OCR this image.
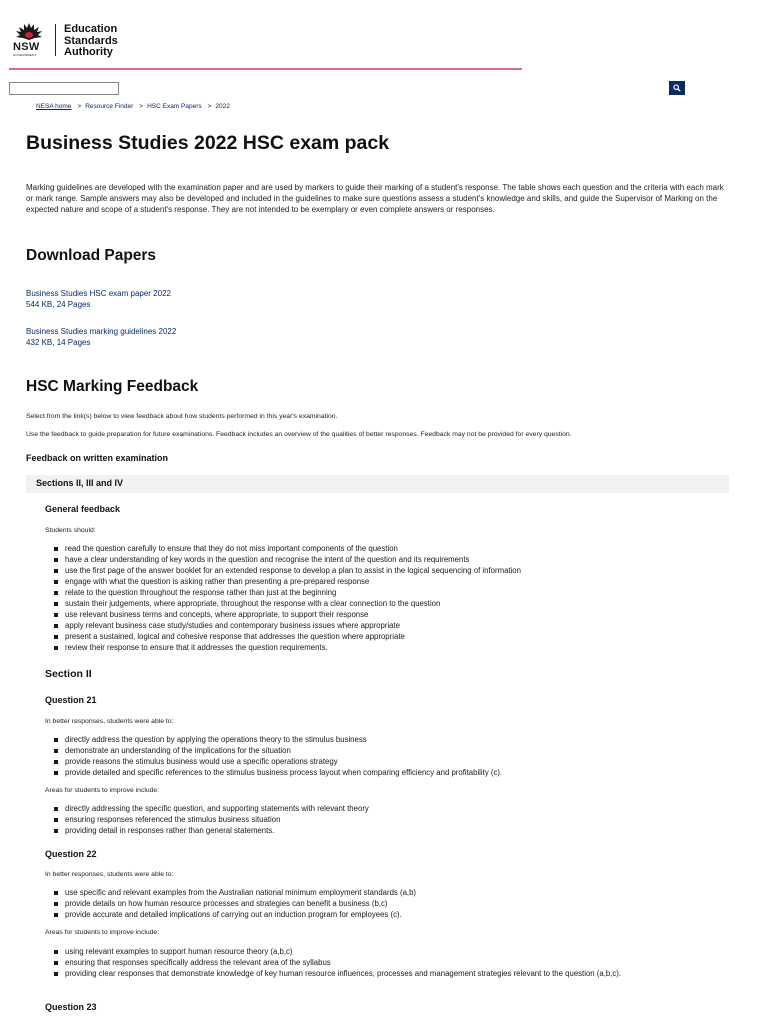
NSW
GOVERNMENT
Education
Standards
Authority
NESA home > Resource Finder > HSC Exam Papers > 2022
Business Studies 2022 HSC exam pack

Marking guidelines are developed with the examination paper and are used by markers to guide their marking of a student's response. The table shows each question and the criteria with each mark or mark range. Sample answers may also be developed and included in the guidelines to make sure questions assess a student's knowledge and skills, and guide the Supervisor of Marking on the expected nature and scope of a student's response. They are not intended to be exemplary or even complete answers or responses.

Download Papers
Business Studies HSC exam paper 2022
544 KB, 24 Pages
Business Studies marking guidelines 2022
432 KB, 14 Pages
HSC Marking Feedback

Select from the link(s) below to view feedback about how students performed in this year's examination.

Use the feedback to guide preparation for future examinations. Feedback includes an overview of the qualities of better responses. Feedback may not be provided for every question.

Feedback on written examination
Sections II, III and IV
General feedback

Students should:

read the question carefully to ensure that they do not miss important components of the question
have a clear understanding of key words in the question and recognise the intent of the question and its requirements
use the first page of the answer booklet for an extended response to develop a plan to assist in the logical sequencing of information
engage with what the question is asking rather than presenting a pre-prepared response
relate to the question throughout the response rather than just at the beginning
sustain their judgements, where appropriate, throughout the response with a clear connection to the question
use relevant business terms and concepts, where appropriate, to support their response
apply relevant business case study/studies and contemporary business issues where appropriate
present a sustained, logical and cohesive response that addresses the question where appropriate
review their response to ensure that it addresses the question requirements.
Section II
Question 21

In better responses, students were able to:

directly address the question by applying the operations theory to the stimulus business
demonstrate an understanding of the implications for the situation
provide reasons the stimulus business would use a specific operations strategy
provide detailed and specific references to the stimulus business process layout when comparing efficiency and profitability (c).

Areas for students to improve include:

directly addressing the specific question, and supporting statements with relevant theory
ensuring responses referenced the stimulus business situation
providing detail in responses rather than general statements.
Question 22

In better responses, students were able to:

use specific and relevant examples from the Australian national minimum employment standards (a,b)
provide details on how human resource processes and strategies can benefit a business (b,c)
provide accurate and detailed implications of carrying out an induction program for employees (c).

Areas for students to improve include:

using relevant examples to support human resource theory (a,b,c)
ensuring that responses specifically address the relevant area of the syllabus
providing clear responses that demonstrate knowledge of key human resource influences, processes and management strategies relevant to the question (a,b,c).
Question 23
